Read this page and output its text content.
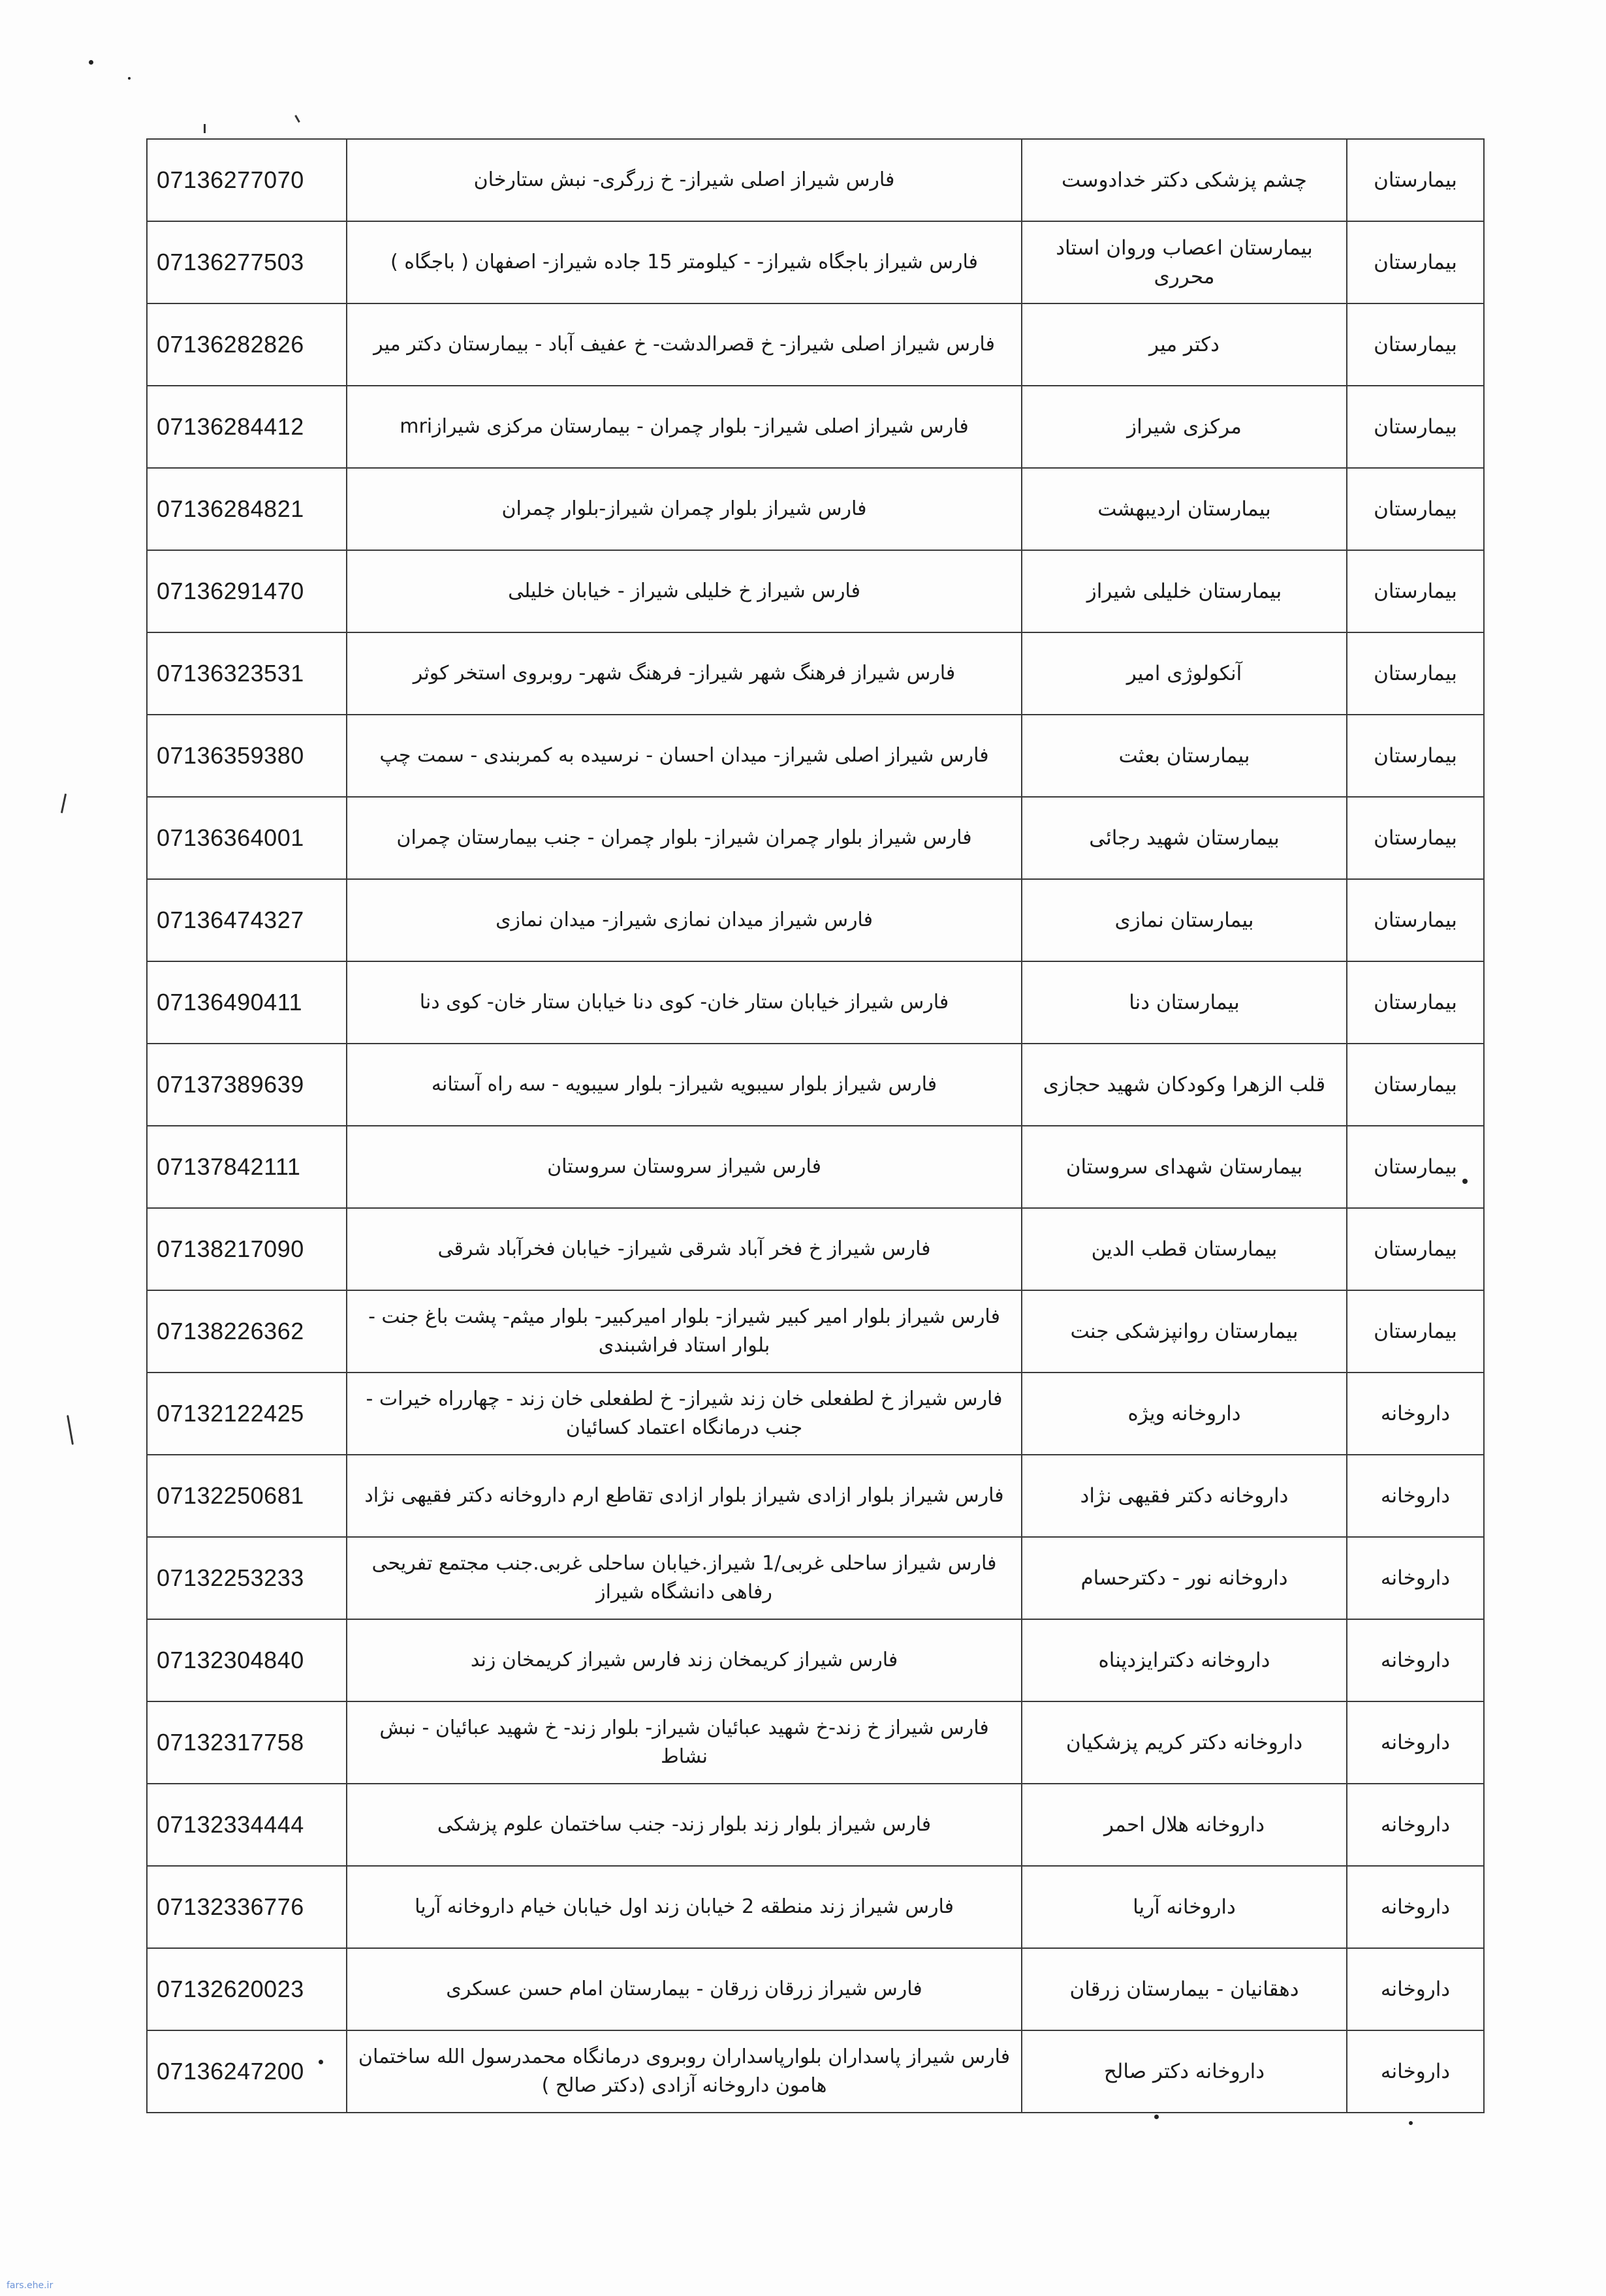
07136277070	فارس شیراز اصلی شیراز- خ زرگری- نبش ستارخان	چشم پزشکی دکتر خدادوست	بیمارستان
07136277503	فارس شیراز باجگاه شیراز- - کیلومتر 15 جاده شیراز- اصفهان ( باجگاه )	بیمارستان اعصاب وروان استاد محرری	بیمارستان
07136282826	فارس شیراز اصلی شیراز- خ قصرالدشت- خ عفیف آباد - بیمارستان دکتر میر	دکتر میر	بیمارستان
07136284412	فارس شیراز اصلی شیراز- بلوار چمران - بیمارستان مرکزی شیرازmri	مرکزی شیراز	بیمارستان
07136284821	فارس شیراز بلوار چمران شیراز-بلوار چمران	بیمارستان اردیبهشت	بیمارستان
07136291470	فارس شیراز خ خلیلی شیراز - خیابان خلیلی	بیمارستان خلیلی شیراز	بیمارستان
07136323531	فارس شیراز فرهنگ شهر شیراز- فرهنگ شهر- روبروی استخر کوثر	آنکولوژی امیر	بیمارستان
07136359380	فارس شیراز اصلی شیراز- میدان احسان - نرسیده به کمربندی - سمت چپ	بیمارستان بعثت	بیمارستان
07136364001	فارس شیراز بلوار چمران شیراز- بلوار چمران - جنب بیمارستان چمران	بیمارستان شهید رجائی	بیمارستان
07136474327	فارس شیراز میدان نمازی شیراز- میدان نمازی	بیمارستان نمازی	بیمارستان
07136490411	فارس شیراز خیابان ستار خان- کوی دنا خیابان ستار خان- کوی دنا	بیمارستان دنا	بیمارستان
07137389639	فارس شیراز بلوار سیبویه شیراز- بلوار سیبویه - سه راه آستانه	قلب الزهرا وکودکان شهید حجازی	بیمارستان
07137842111	فارس شیراز سروستان سروستان	بیمارستان شهدای سروستان	بیمارستان
07138217090	فارس شیراز خ فخر آباد شرقی شیراز- خیابان فخرآباد شرقی	بیمارستان قطب الدین	بیمارستان
07138226362	فارس شیراز بلوار امیر کبیر شیراز- بلوار امیرکبیر- بلوار میثم- پشت باغ جنت - بلوار استاد فراشبندی	بیمارستان روانپزشکی جنت	بیمارستان
07132122425	فارس شیراز خ لطفعلی خان زند شیراز- خ لطفعلی خان زند - چهارراه خیرات - جنب درمانگاه اعتماد کسائیان	داروخانه ویژه	داروخانه
07132250681	فارس شیراز بلوار ازادی شیراز بلوار ازادی تقاطع ارم داروخانه دکتر فقیهی نژاد	داروخانه دکتر فقیهی نژاد	داروخانه
07132253233	فارس شیراز ساحلی غربی/1 شیراز.خیابان ساحلی غربی.جنب مجتمع تفریحی رفاهی دانشگاه شیراز	داروخانه نور - دکترحسام	داروخانه
07132304840	فارس شیراز کریمخان زند فارس شیراز کریمخان زند	داروخانه دکترایزدپناه	داروخانه
07132317758	فارس شیراز خ زند-خ شهید عبائیان شیراز- بلوار زند- خ شهید عبائیان - نبش نشاط	داروخانه دکتر کریم پزشکیان	داروخانه
07132334444	فارس شیراز بلوار زند بلوار زند- جنب ساختمان علوم پزشکی	داروخانه هلال احمر	داروخانه
07132336776	فارس شیراز زند منطقه 2 خیابان زند اول خیابان خیام داروخانه آریا	داروخانه آریا	داروخانه
07132620023	فارس شیراز زرقان زرقان - بیمارستان امام حسن عسکری	دهقانیان - بیمارستان زرقان	داروخانه
07136247200	فارس شیراز پاسداران بلوارپاسداران روبروی درمانگاه محمدرسول الله ساختمان هامون داروخانه آزادی (دکتر صالح )	داروخانه دکتر صالح	داروخانه
fars.ehe.ir
